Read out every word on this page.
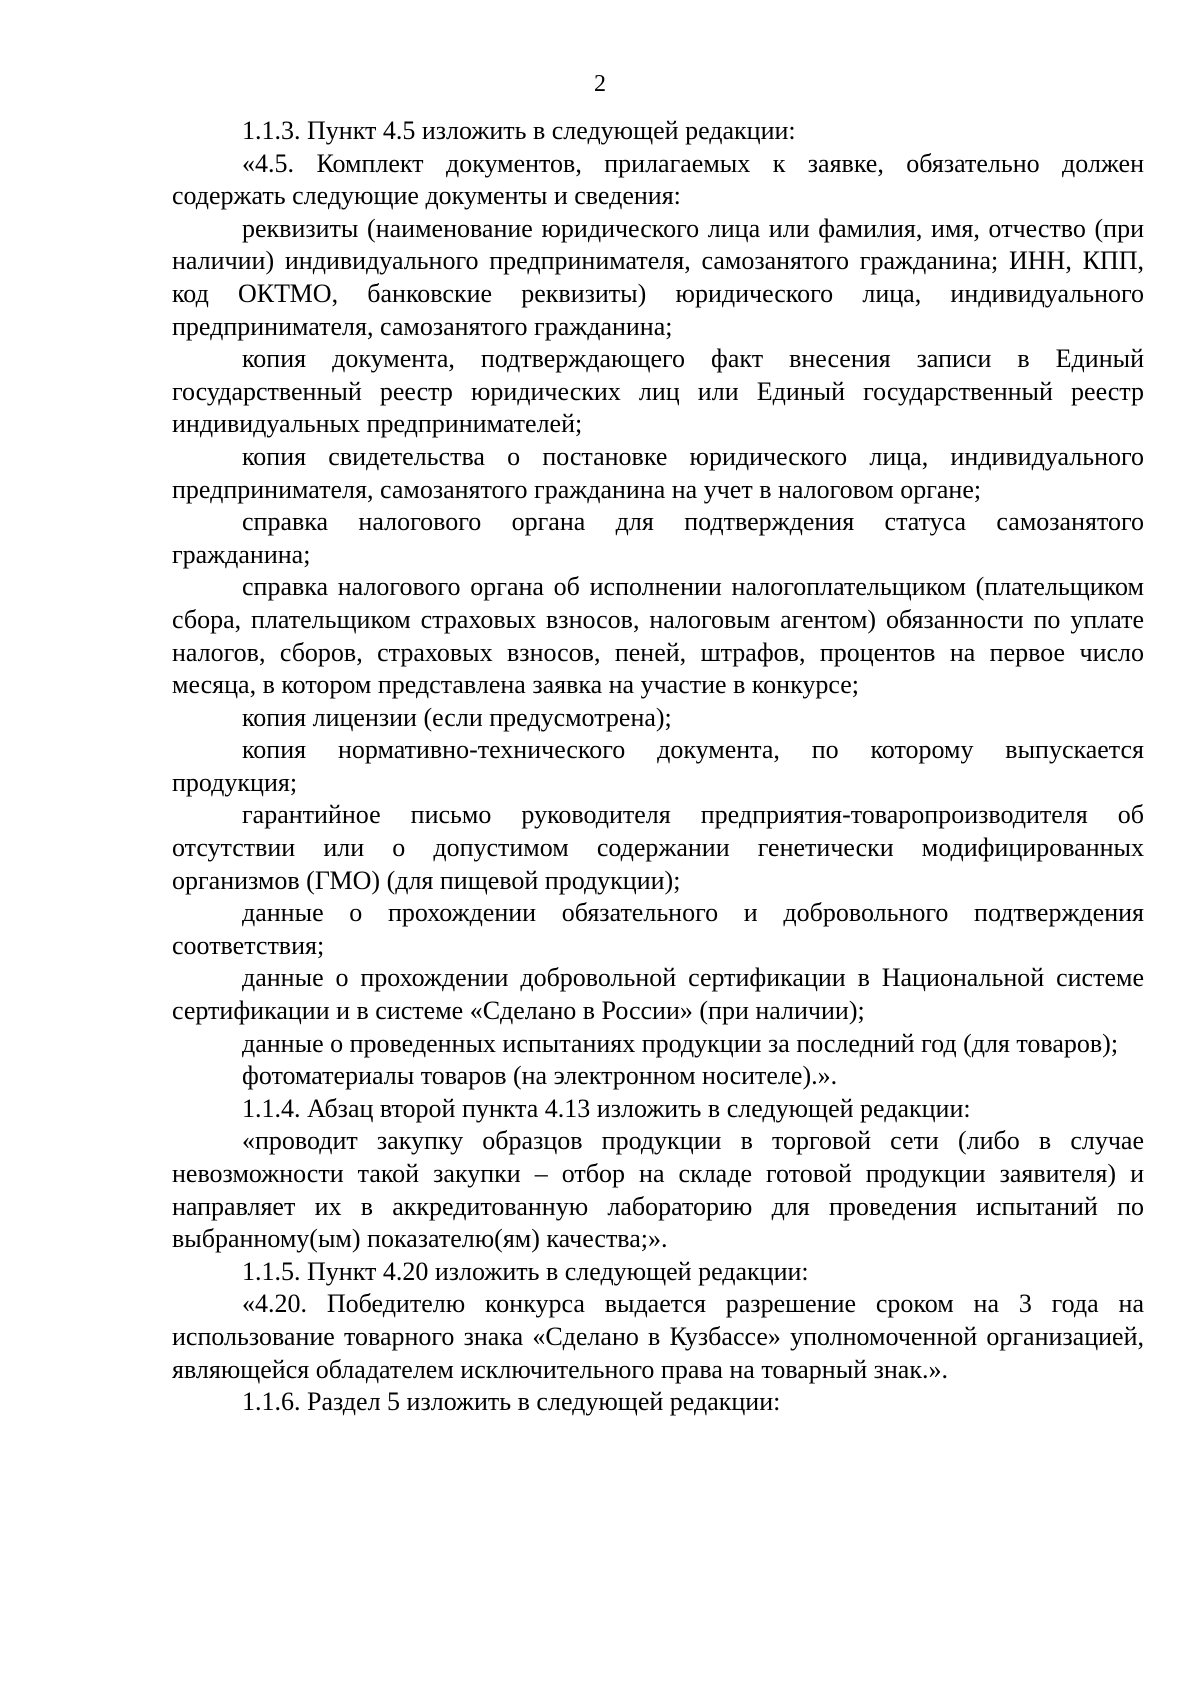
2

1.1.3. Пункт 4.5 изложить в следующей редакции:

«4.5. Комплект документов, прилагаемых к заявке, обязательно должен содержать следующие документы и сведения:

реквизиты (наименование юридического лица или фамилия, имя, отчество (при наличии) индивидуального предпринимателя, самозанятого гражданина; ИНН, КПП, код ОКТМО, банковские реквизиты) юридического лица, индивидуального предпринимателя, самозанятого гражданина;

копия документа, подтверждающего факт внесения записи в Единый государственный реестр юридических лиц или Единый государственный реестр индивидуальных предпринимателей;

копия свидетельства о постановке юридического лица, индивидуального предпринимателя, самозанятого гражданина на учет в налоговом органе;

справка налогового органа для подтверждения статуса самозанятого гражданина;

справка налогового органа об исполнении налогоплательщиком (плательщиком сбора, плательщиком страховых взносов, налоговым агентом) обязанности по уплате налогов, сборов, страховых взносов, пеней, штрафов, процентов на первое число месяца, в котором представлена заявка на участие в конкурсе;

копия лицензии (если предусмотрена);

копия нормативно-технического документа, по которому выпускается продукция;

гарантийное письмо руководителя предприятия-товаропроизводителя об отсутствии или о допустимом содержании генетически модифицированных организмов (ГМО) (для пищевой продукции);

данные о прохождении обязательного и добровольного подтверждения соответствия;

данные о прохождении добровольной сертификации в Национальной системе сертификации и в системе «Сделано в России» (при наличии);

данные о проведенных испытаниях продукции за последний год (для товаров);

фотоматериалы товаров (на электронном носителе).».

1.1.4. Абзац второй пункта 4.13 изложить в следующей редакции:

«проводит закупку образцов продукции в торговой сети (либо в случае невозможности такой закупки – отбор на складе готовой продукции заявителя) и направляет их в аккредитованную лабораторию для проведения испытаний по выбранному(ым) показателю(ям) качества;».

1.1.5. Пункт 4.20 изложить в следующей редакции:

«4.20. Победителю конкурса выдается разрешение сроком на 3 года на использование товарного знака «Сделано в Кузбассе» уполномоченной организацией, являющейся обладателем исключительного права на товарный знак.».

1.1.6. Раздел 5 изложить в следующей редакции:
